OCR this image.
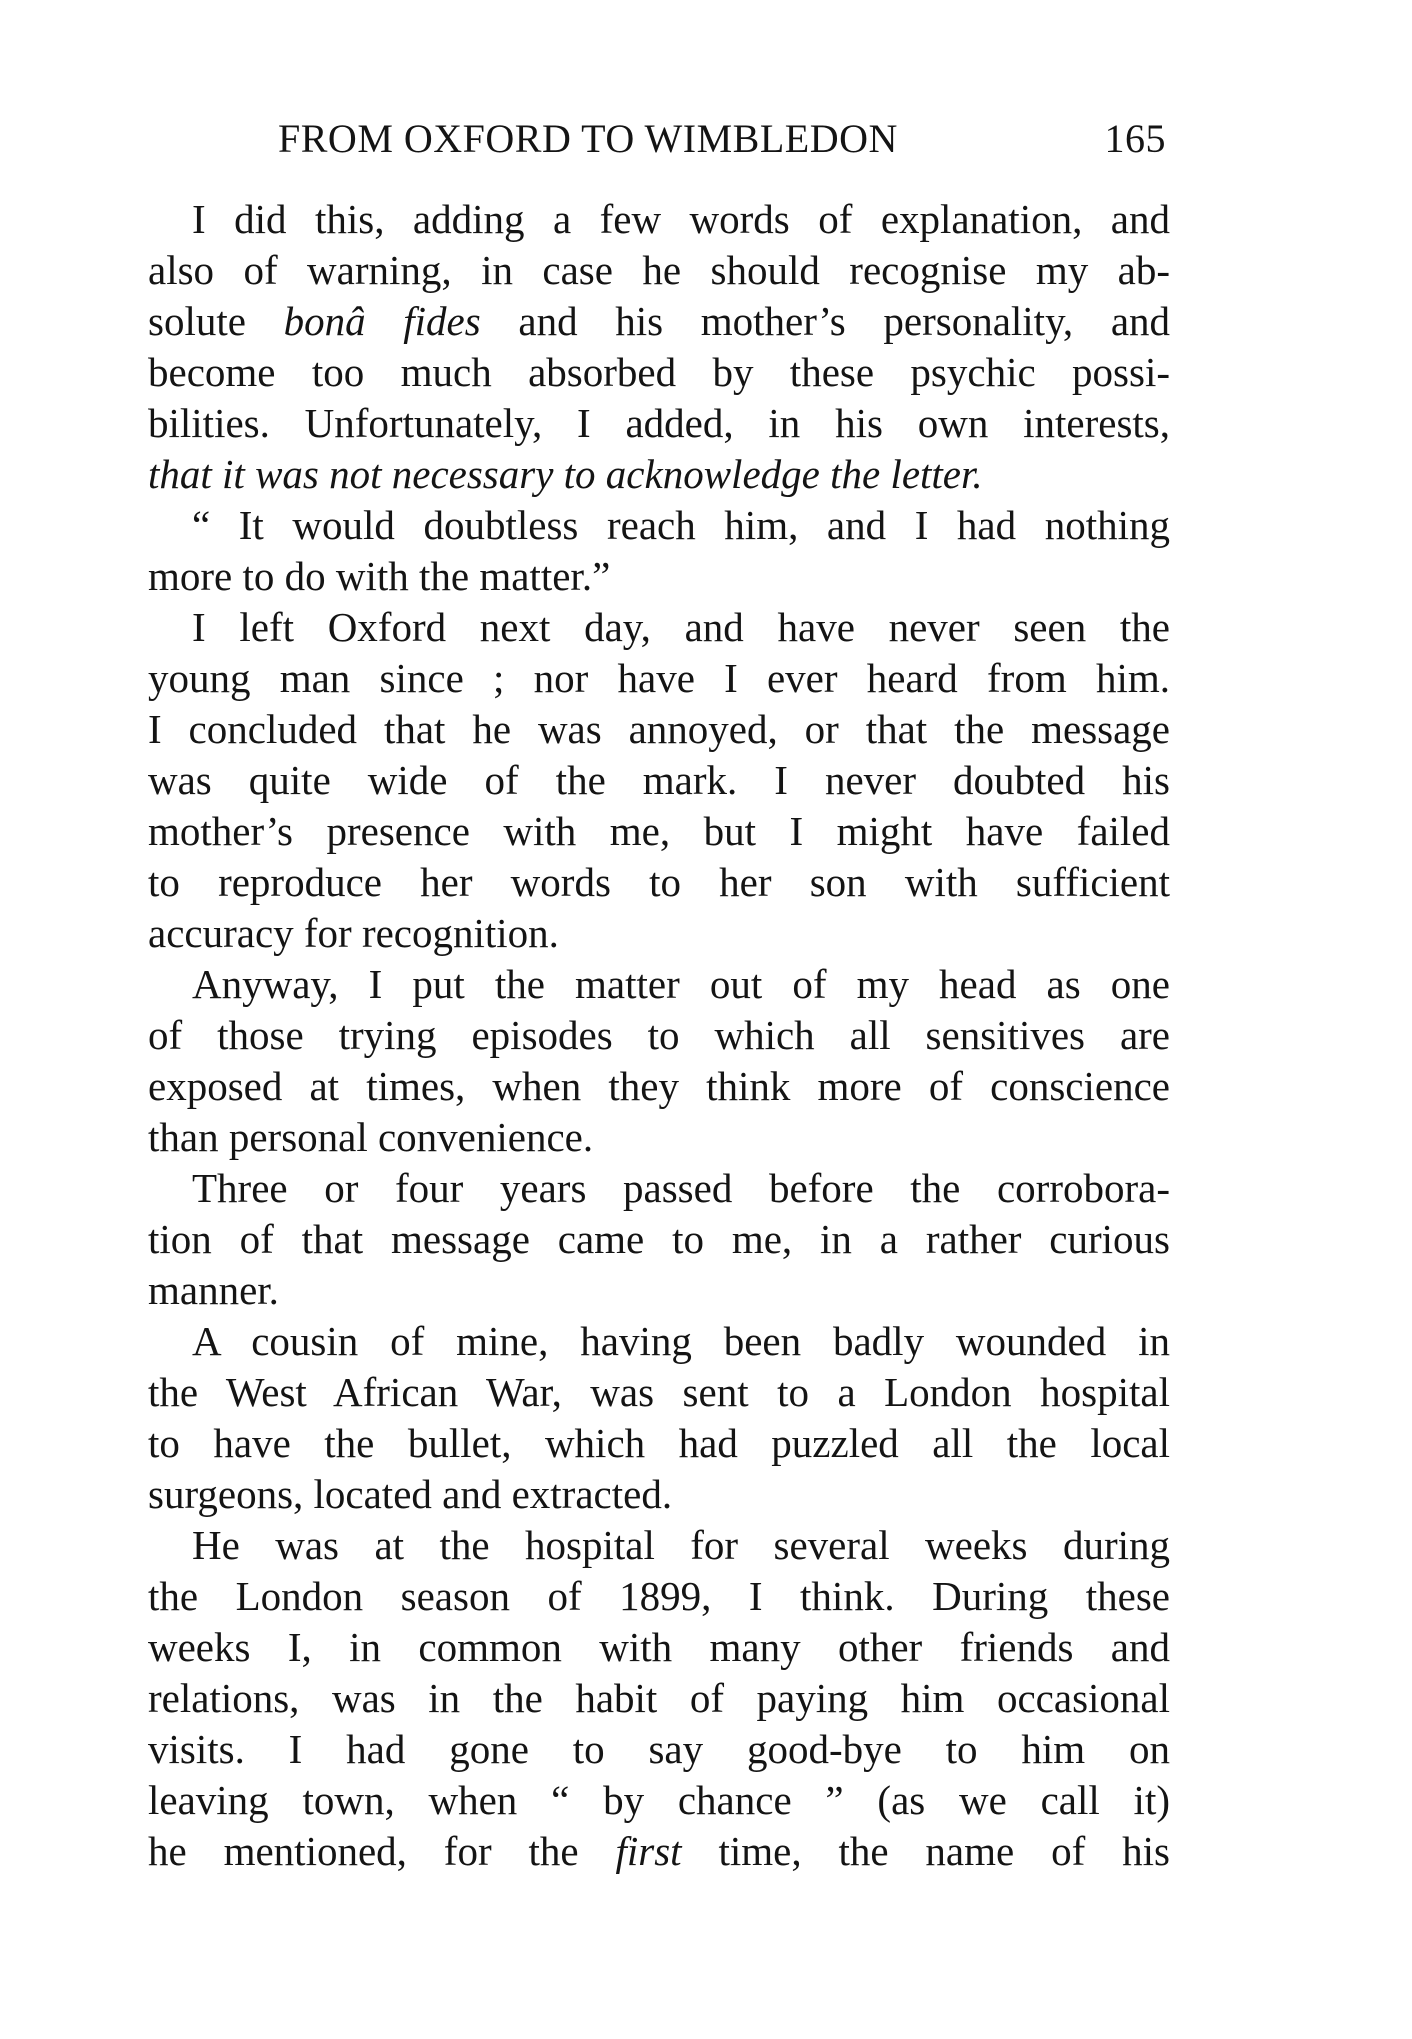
FROM OXFORD TO WIMBLEDON	165
I did this, adding a few words of explanation, and
also of warning, in case he should recognise my ab-
solute bonâ fides and his mother’s personality, and
become too much absorbed by these psychic possi-
bilities. Unfortunately, I added, in his own interests,
that it was not necessary to acknowledge the letter.
“ It would doubtless reach him, and I had nothing
more to do with the matter.”
I left Oxford next day, and have never seen the
young man since ; nor have I ever heard from him.
I concluded that he was annoyed, or that the message
was quite wide of the mark. I never doubted his
mother’s presence with me, but I might have failed
to reproduce her words to her son with sufficient
accuracy for recognition.
Anyway, I put the matter out of my head as one
of those trying episodes to which all sensitives are
exposed at times, when they think more of conscience
than personal convenience.
Three or four years passed before the corrobora-
tion of that message came to me, in a rather curious
manner.
A cousin of mine, having been badly wounded in
the West African War, was sent to a London hospital
to have the bullet, which had puzzled all the local
surgeons, located and extracted.
He was at the hospital for several weeks during
the London season of 1899, I think. During these
weeks I, in common with many other friends and
relations, was in the habit of paying him occasional
visits. I had gone to say good-bye to him on
leaving town, when “ by chance ” (as we call it)
he mentioned, for the first time, the name of his
